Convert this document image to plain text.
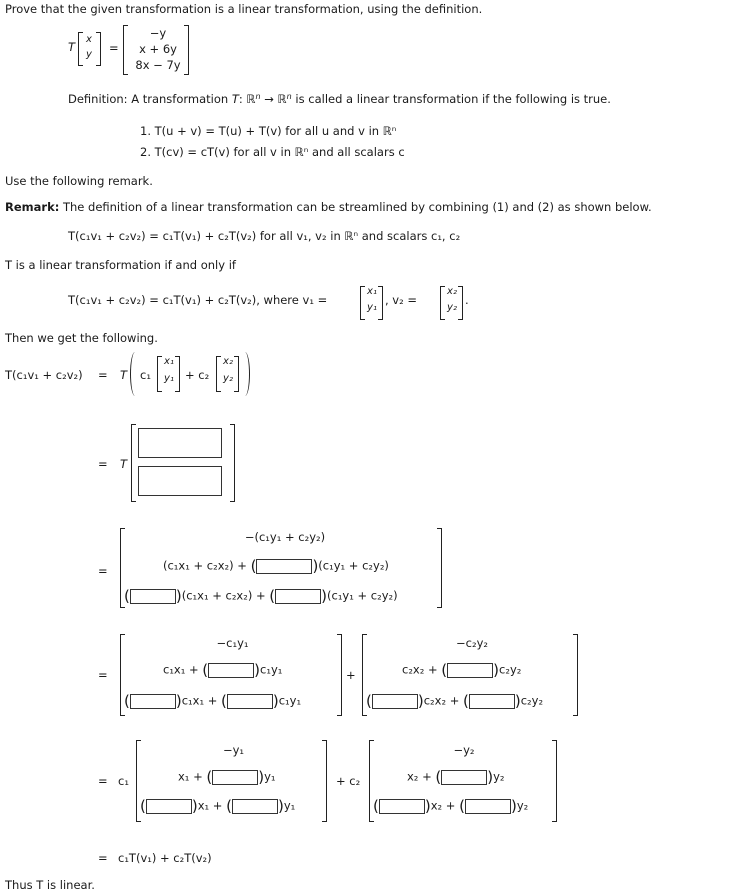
Prove that the given transformation is a linear transformation, using the definition.
T
x
y =
−y
x + 6y
8x − 7y
Definition: A transformation T: ℝ$^n$ → ℝ$^n$ is called a linear transformation if the following is true.
1. T(u + v) = T(u) + T(v) for all u and v in ℝⁿ
2. T(cv) = cT(v) for all v in ℝⁿ and all scalars c
Use the following remark.
Remark: The definition of a linear transformation can be streamlined by combining (1) and (2) as shown below.
T(c₁v₁ + c₂v₂) = c₁T(v₁) + c₂T(v₂) for all v₁, v₂ in ℝⁿ and scalars c₁, c₂
T is a linear transformation if and only if
T(c₁v₁ + c₂v₂) = c₁T(v₁) + c₂T(v₂), where v₁ =
x₁
y₁
, v₂ =
x₂
y₂
.
Then we get the following.
T(c₁v₁ + c₂v₂) = T c₁
x₁
y₁ + c₂
x₂
y₂
= T
=
−(c₁y₁ + c₂y₂)
(c₁x₁ + c₂x₂) + (	)(c₁y₁ + c₂y₂)
(	)(c₁x₁ + c₂x₂) + (	)(c₁y₁ + c₂y₂)
=
−c₁y₁
c₁x₁ + (	)c₁y₁
(	)c₁x₁ + (	)c₁y₁
+
−c₂y₂
c₂x₂ + (	)c₂y₂
(	)c₂x₂ + (	)c₂y₂
= c₁
−y₁
x₁ + (	)y₁
(	)x₁ + (	)y₁
+ c₂
−y₂
x₂ + (	)y₂
(	)x₂ + (	)y₂
= c₁T(v₁) + c₂T(v₂)
Thus T is linear.
